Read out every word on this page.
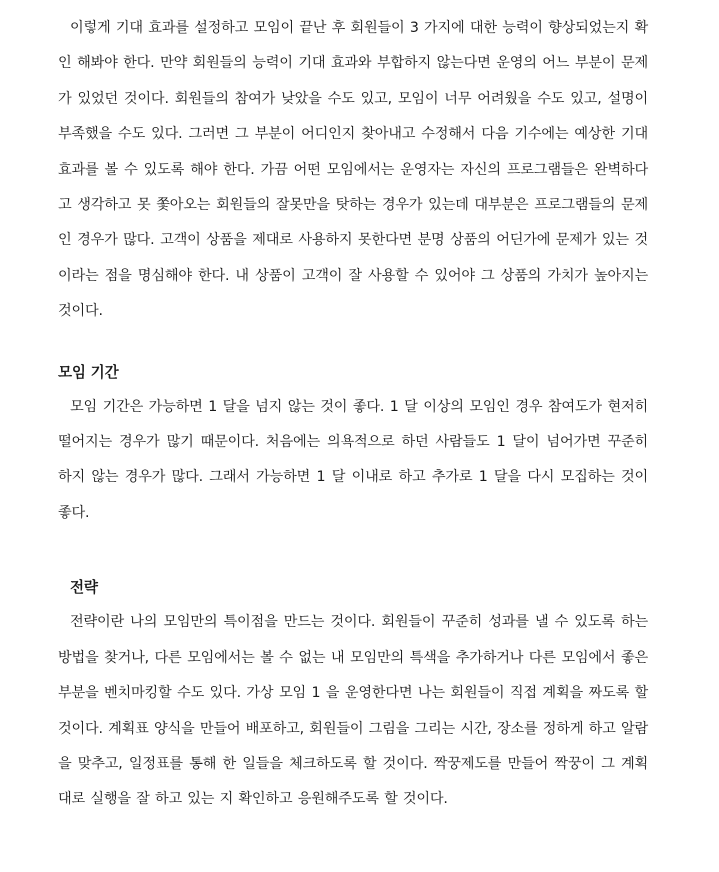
이렇게 기대 효과를 설정하고 모임이 끝난 후 회원들이 3 가지에 대한 능력이 향상되었는지 확인 해봐야 한다. 만약 회원들의 능력이 기대 효과와 부합하지 않는다면 운영의 어느 부분이 문제가 있었던 것이다. 회원들의 참여가 낮았을 수도 있고, 모임이 너무 어려웠을 수도 있고, 설명이 부족했을 수도 있다. 그러면 그 부분이 어디인지 찾아내고 수정해서 다음 기수에는 예상한 기대 효과를 볼 수 있도록 해야 한다. 가끔 어떤 모임에서는 운영자는 자신의 프로그램들은 완벽하다고 생각하고 못 쫓아오는 회원들의 잘못만을 탓하는 경우가 있는데 대부분은 프로그램들의 문제인 경우가 많다. 고객이 상품을 제대로 사용하지 못한다면 분명 상품의 어딘가에 문제가 있는 것이라는 점을 명심해야 한다. 내 상품이 고객이 잘 사용할 수 있어야 그 상품의 가치가 높아지는 것이다.

모임 기간

모임 기간은 가능하면 1 달을 넘지 않는 것이 좋다. 1 달 이상의 모임인 경우 참여도가 현저히 떨어지는 경우가 많기 때문이다. 처음에는 의욕적으로 하던 사람들도 1 달이 넘어가면 꾸준히 하지 않는 경우가 많다. 그래서 가능하면 1 달 이내로 하고 추가로 1 달을 다시 모집하는 것이 좋다.

전략

전략이란 나의 모임만의 특이점을 만드는 것이다. 회원들이 꾸준히 성과를 낼 수 있도록 하는 방법을 찾거나, 다른 모임에서는 볼 수 없는 내 모임만의 특색을 추가하거나 다른 모임에서 좋은 부분을 벤치마킹할 수도 있다. 가상 모임 1 을 운영한다면 나는 회원들이 직접 계획을 짜도록 할 것이다. 계획표 양식을 만들어 배포하고, 회원들이 그림을 그리는 시간, 장소를 정하게 하고 알람을 맞추고, 일정표를 통해 한 일들을 체크하도록 할 것이다. 짝꿍제도를 만들어 짝꿍이 그 계획대로 실행을 잘 하고 있는 지 확인하고 응원해주도록 할 것이다.
